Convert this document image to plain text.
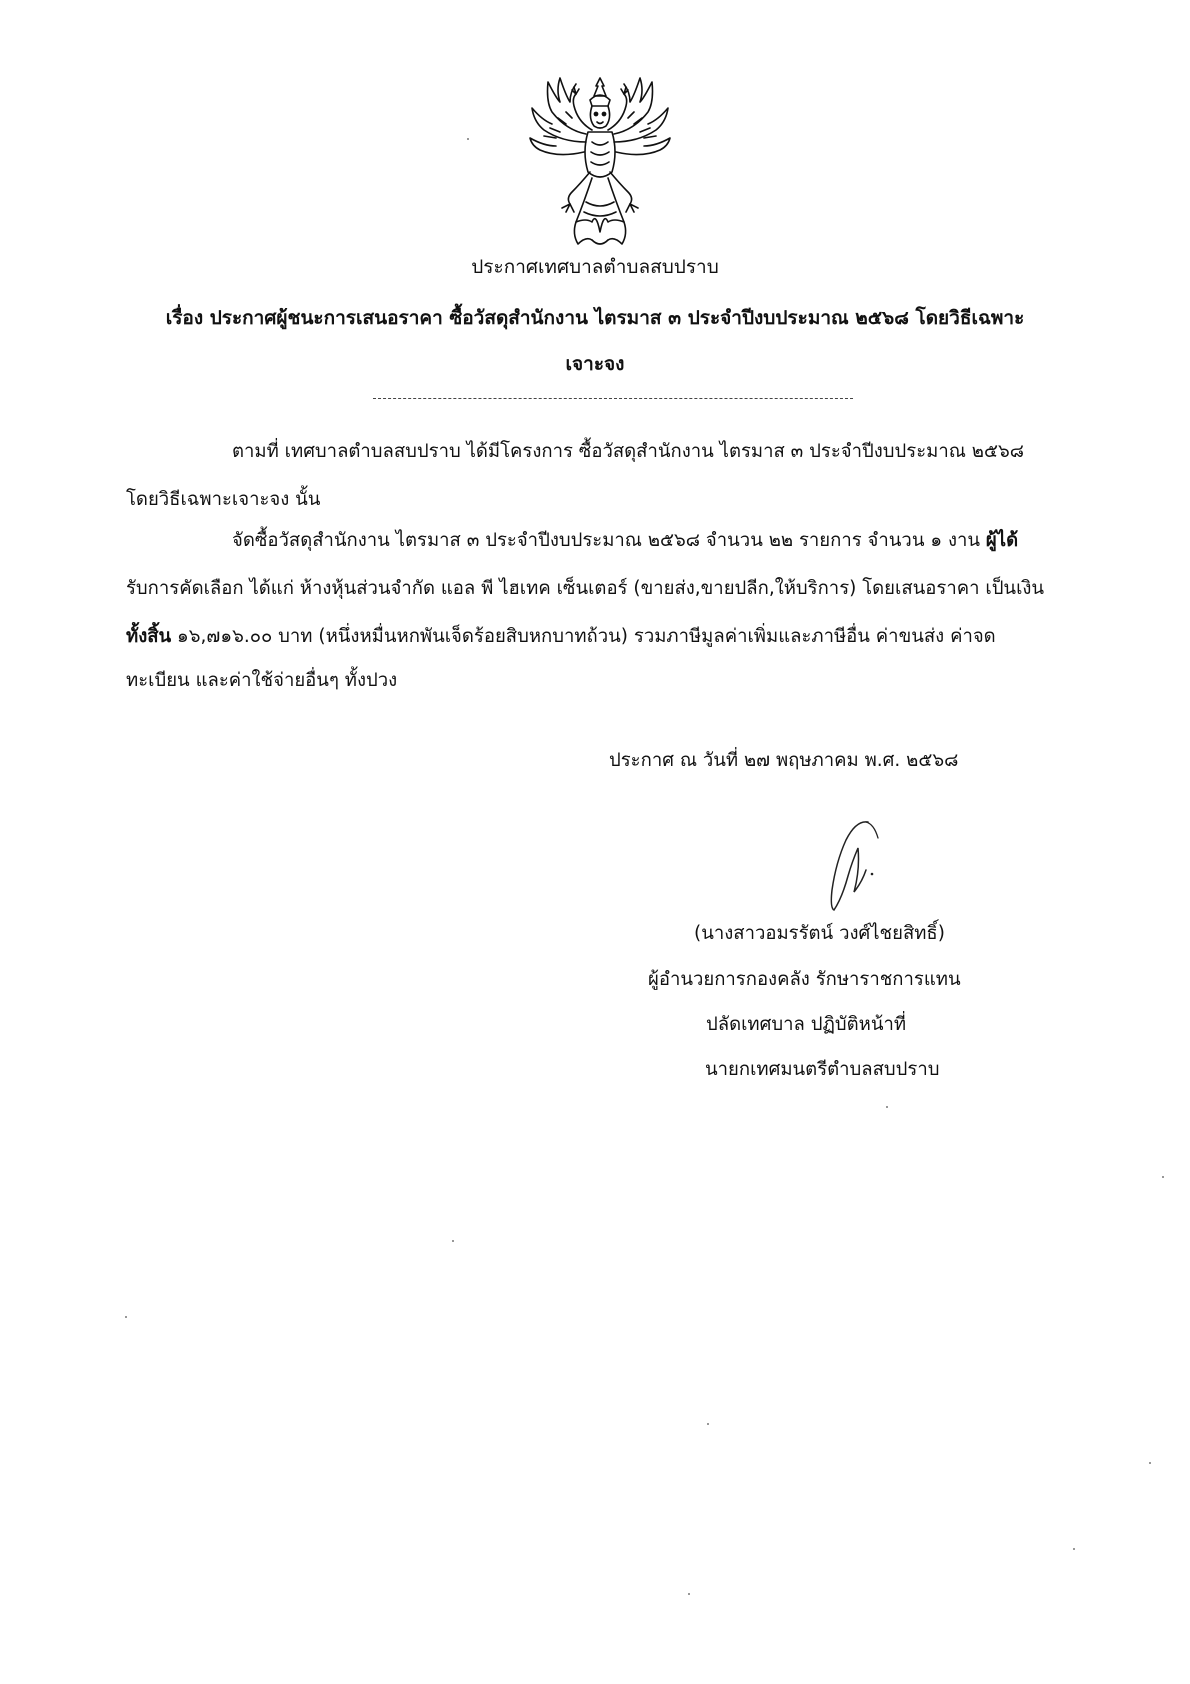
ประกาศเทศบาลตำบลสบปราบ
เรื่อง ประกาศผู้ชนะการเสนอราคา ซื้อวัสดุสำนักงาน ไตรมาส ๓ ประจำปีงบประมาณ ๒๕๖๘ โดยวิธีเฉพาะ
เจาะจง
ตามที่ เทศบาลตำบลสบปราบ ได้มีโครงการ ซื้อวัสดุสำนักงาน ไตรมาส ๓ ประจำปีงบประมาณ ๒๕๖๘
โดยวิธีเฉพาะเจาะจง นั้น
จัดซื้อวัสดุสำนักงาน ไตรมาส ๓ ประจำปีงบประมาณ ๒๕๖๘ จำนวน ๒๒ รายการ จำนวน ๑ งาน ผู้ได้
รับการคัดเลือก ได้แก่ ห้างหุ้นส่วนจำกัด แอล พี ไฮเทค เซ็นเตอร์ (ขายส่ง,ขายปลีก,ให้บริการ) โดยเสนอราคา เป็นเงิน
ทั้งสิ้น ๑๖,๗๑๖.๐๐ บาท (หนึ่งหมื่นหกพันเจ็ดร้อยสิบหกบาทถ้วน) รวมภาษีมูลค่าเพิ่มและภาษีอื่น ค่าขนส่ง ค่าจด
ทะเบียน และค่าใช้จ่ายอื่นๆ ทั้งปวง
ประกาศ ณ วันที่ ๒๗ พฤษภาคม พ.ศ. ๒๕๖๘
(นางสาวอมรรัตน์ วงศ์ไชยสิทธิ์)
ผู้อำนวยการกองคลัง รักษาราชการแทน
ปลัดเทศบาล ปฏิบัติหน้าที่
นายกเทศมนตรีตำบลสบปราบ
